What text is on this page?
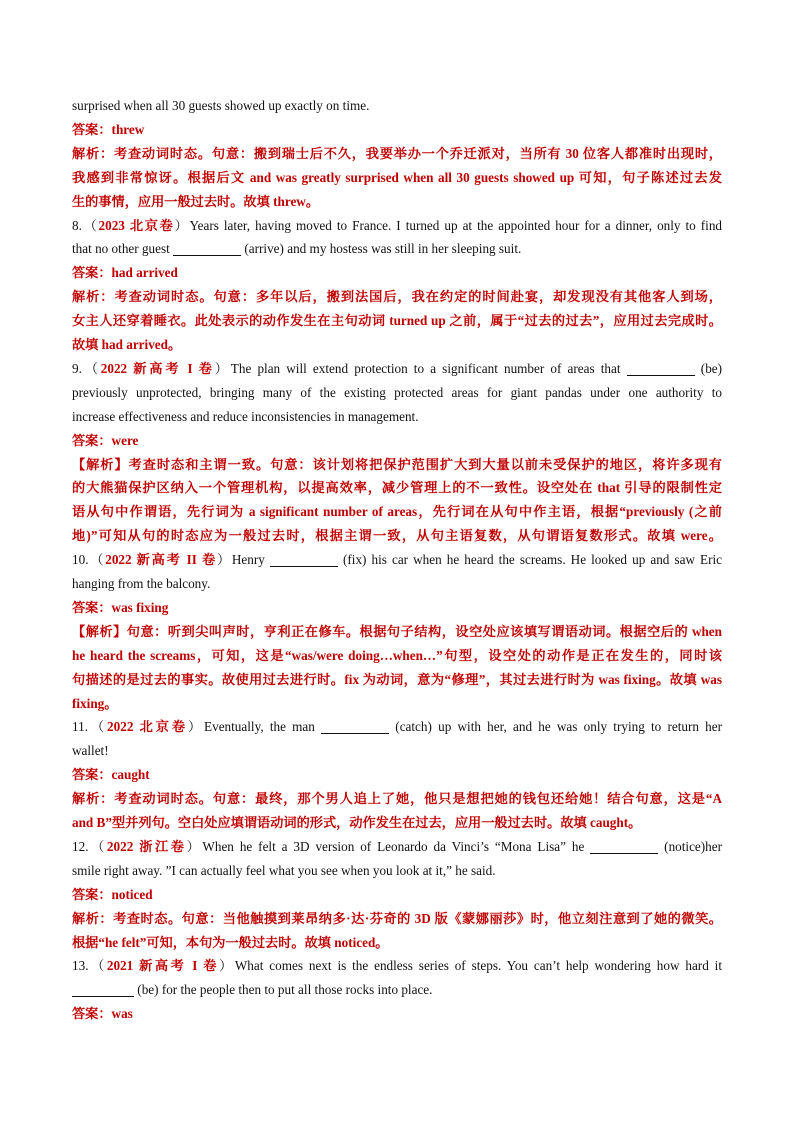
surprised when all 30 guests showed up exactly on time.
答案：threw
解析：考查动词时态。句意：搬到瑞士后不久，我要举办一个乔迁派对，当所有 30 位客人都准时出现时，
我感到非常惊讶。根据后文 and was greatly surprised when all 30 guests showed up 可知，句子陈述过去发
生的事情，应用一般过去时。故填 threw。
8.（2023 北京卷）Years later, having moved to France. I turned up at the appointed hour for a dinner, only to find
that no other guest	(arrive) and my hostess was still in her sleeping suit.
答案：had arrived
解析：考查动词时态。句意：多年以后，搬到法国后，我在约定的时间赴宴，却发现没有其他客人到场，
女主人还穿着睡衣。此处表示的动作发生在主句动词 turned up 之前，属于“过去的过去”，应用过去完成时。
故填 had arrived。
9.（2022 新高考 I 卷）The plan will extend protection to a significant number of areas that	(be)
previously unprotected, bringing many of the existing protected areas for giant pandas under one authority to
increase effectiveness and reduce inconsistencies in management.
答案：were
【解析】考查时态和主谓一致。句意：该计划将把保护范围扩大到大量以前未受保护的地区，将许多现有
的大熊猫保护区纳入一个管理机构，以提高效率，减少管理上的不一致性。设空处在 that 引导的限制性定
语从句中作谓语，先行词为 a significant number of areas，先行词在从句中作主语，根据“previously (之前
地)”可知从句的时态应为一般过去时，根据主谓一致，从句主语复数，从句谓语复数形式。故填 were。
10.（2022 新高考 II 卷）Henry	(fix) his car when he heard the screams. He looked up and saw Eric
hanging from the balcony.
答案：was fixing
【解析】句意：听到尖叫声时，亨利正在修车。根据句子结构，设空处应该填写谓语动词。根据空后的 when
he heard the screams，可知，这是“was/were doing…when…”句型，设空处的动作是正在发生的，同时该
句描述的是过去的事实。故使用过去进行时。fix 为动词，意为“修理”，其过去进行时为 was fixing。故填 was
fixing。
11.（2022 北京卷）Eventually, the man	(catch) up with her, and he was only trying to return her
wallet!
答案：caught
解析：考查动词时态。句意：最终，那个男人追上了她，他只是想把她的钱包还给她！结合句意，这是“A
and B”型并列句。空白处应填谓语动词的形式，动作发生在过去，应用一般过去时。故填 caught。
12.（2022 浙江卷）When he felt a 3D version of Leonardo da Vinci’s “Mona Lisa” he	(notice)her
smile right away. ”I can actually feel what you see when you look at it,” he said.
答案：noticed
解析：考查时态。句意：当他触摸到莱昂纳多·达·芬奇的 3D 版《蒙娜丽莎》时，他立刻注意到了她的微笑。
根据“he felt”可知，本句为一般过去时。故填 noticed。
13.（2021 新高考 I 卷）What comes next is the endless series of steps. You can’t help wondering how hard it
(be) for the people then to put all those rocks into place.
答案：was
